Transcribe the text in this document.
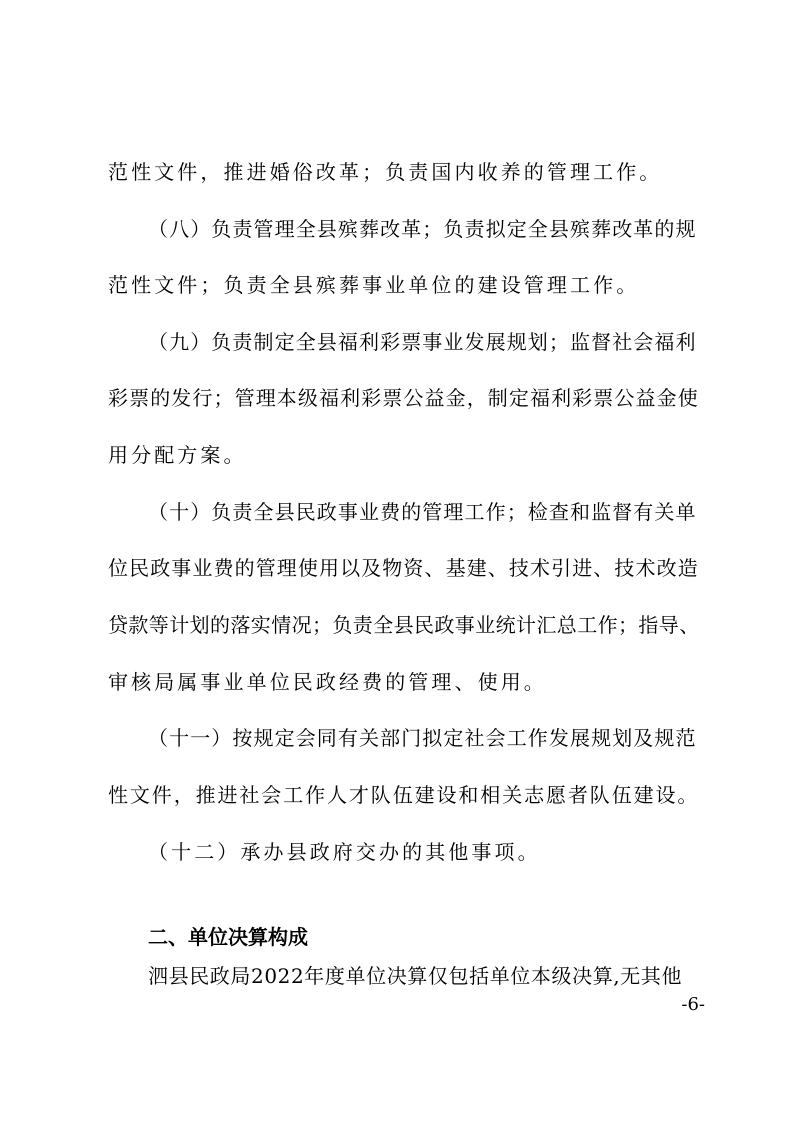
范性文件，推进婚俗改革；负责国内收养的管理工作。
（八）负责管理全县殡葬改革；负责拟定全县殡葬改革的规
范性文件；负责全县殡葬事业单位的建设管理工作。
（九）负责制定全县福利彩票事业发展规划；监督社会福利
彩票的发行；管理本级福利彩票公益金，制定福利彩票公益金使
用分配方案。
（十）负责全县民政事业费的管理工作；检查和监督有关单
位民政事业费的管理使用以及物资、基建、技术引进、技术改造
贷款等计划的落实情况；负责全县民政事业统计汇总工作；指导、
审核局属事业单位民政经费的管理、使用。
（十一）按规定会同有关部门拟定社会工作发展规划及规范
性文件，推进社会工作人才队伍建设和相关志愿者队伍建设。
（十二）承办县政府交办的其他事项。
二、单位决算构成
泗县民政局2022年度单位决算仅包括单位本级决算,无其他
-6-
